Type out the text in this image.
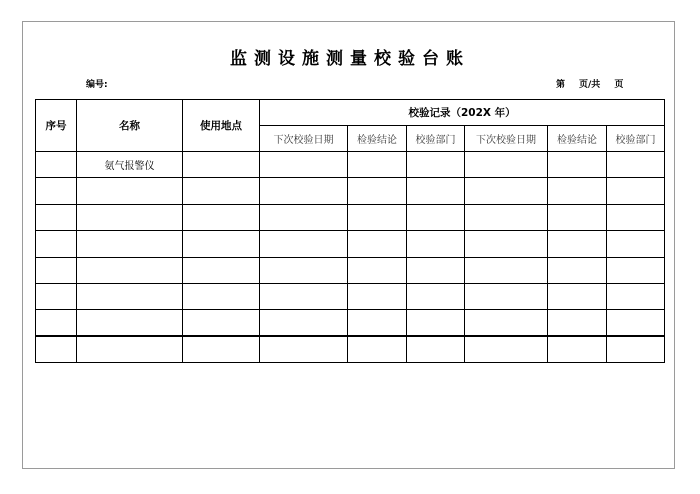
监测设施测量校验台账
编号:	第 页/共 页
序号	名称	使用地点	校验记录（202X 年）					
			下次校验日期	检验结论	校验部门	下次校验日期	检验结论	校验部门
	氨气报警仪							
